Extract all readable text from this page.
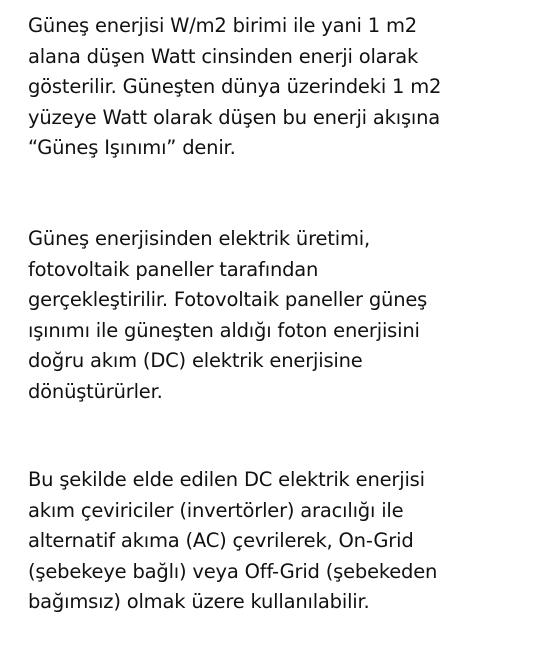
Güneş enerjisi W/m2 birimi ile yani 1 m2
alana düşen Watt cinsinden enerji olarak
gösterilir. Güneşten dünya üzerindeki 1 m2
yüzeye Watt olarak düşen bu enerji akışına
“Güneş Işınımı” denir.

Güneş enerjisinden elektrik üretimi,
fotovoltaik paneller tarafından
gerçekleştirilir. Fotovoltaik paneller güneş
ışınımı ile güneşten aldığı foton enerjisini
doğru akım (DC) elektrik enerjisine
dönüştürürler.

Bu şekilde elde edilen DC elektrik enerjisi
akım çeviriciler (invertörler) aracılığı ile
alternatif akıma (AC) çevrilerek, On-Grid
(şebekeye bağlı) veya Off-Grid (şebekeden
bağımsız) olmak üzere kullanılabilir.
